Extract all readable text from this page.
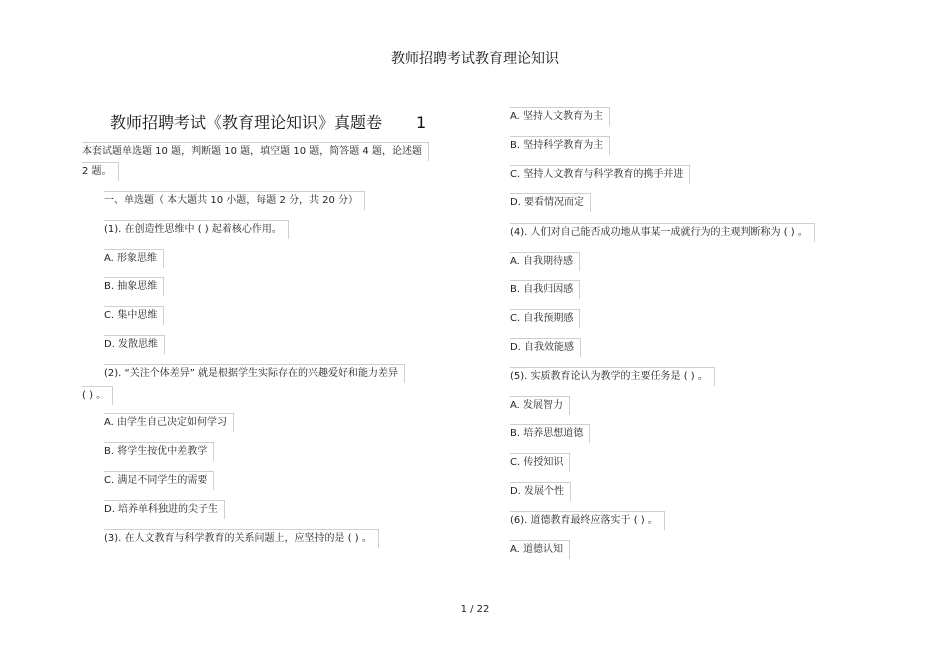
教师招聘考试教育理论知识
教师招聘考试《教育理论知识》真题卷 1
本套试题单选题 10 题，判断题 10 题，填空题 10 题，简答题 4 题，论述题
2 题。
一、单选题（ 本大题共 10 小题，每题 2 分，共 20 分）
(1). 在创造性思维中 ( ) 起着核心作用。
A. 形象思维
B. 抽象思维
C. 集中思维
D. 发散思维
(2). “关注个体差异” 就是根据学生实际存在的兴趣爱好和能力差异
( ) 。
A. 由学生自己决定如何学习
B. 将学生按优中差教学
C. 满足不同学生的需要
D. 培养单科独进的尖子生
(3). 在人文教育与科学教育的关系问题上，应坚持的是 ( ) 。
A. 坚持人文教育为主
B. 坚持科学教育为主
C. 坚持人文教育与科学教育的携手并进
D. 要看情况而定
(4). 人们对自己能否成功地从事某一成就行为的主观判断称为 ( ) 。
A. 自我期待感
B. 自我归因感
C. 自我预期感
D. 自我效能感
(5). 实质教育论认为教学的主要任务是 ( ) 。
A. 发展智力
B. 培养思想道德
C. 传授知识
D. 发展个性
(6). 道德教育最终应落实于 ( ) 。
A. 道德认知
1 / 22
